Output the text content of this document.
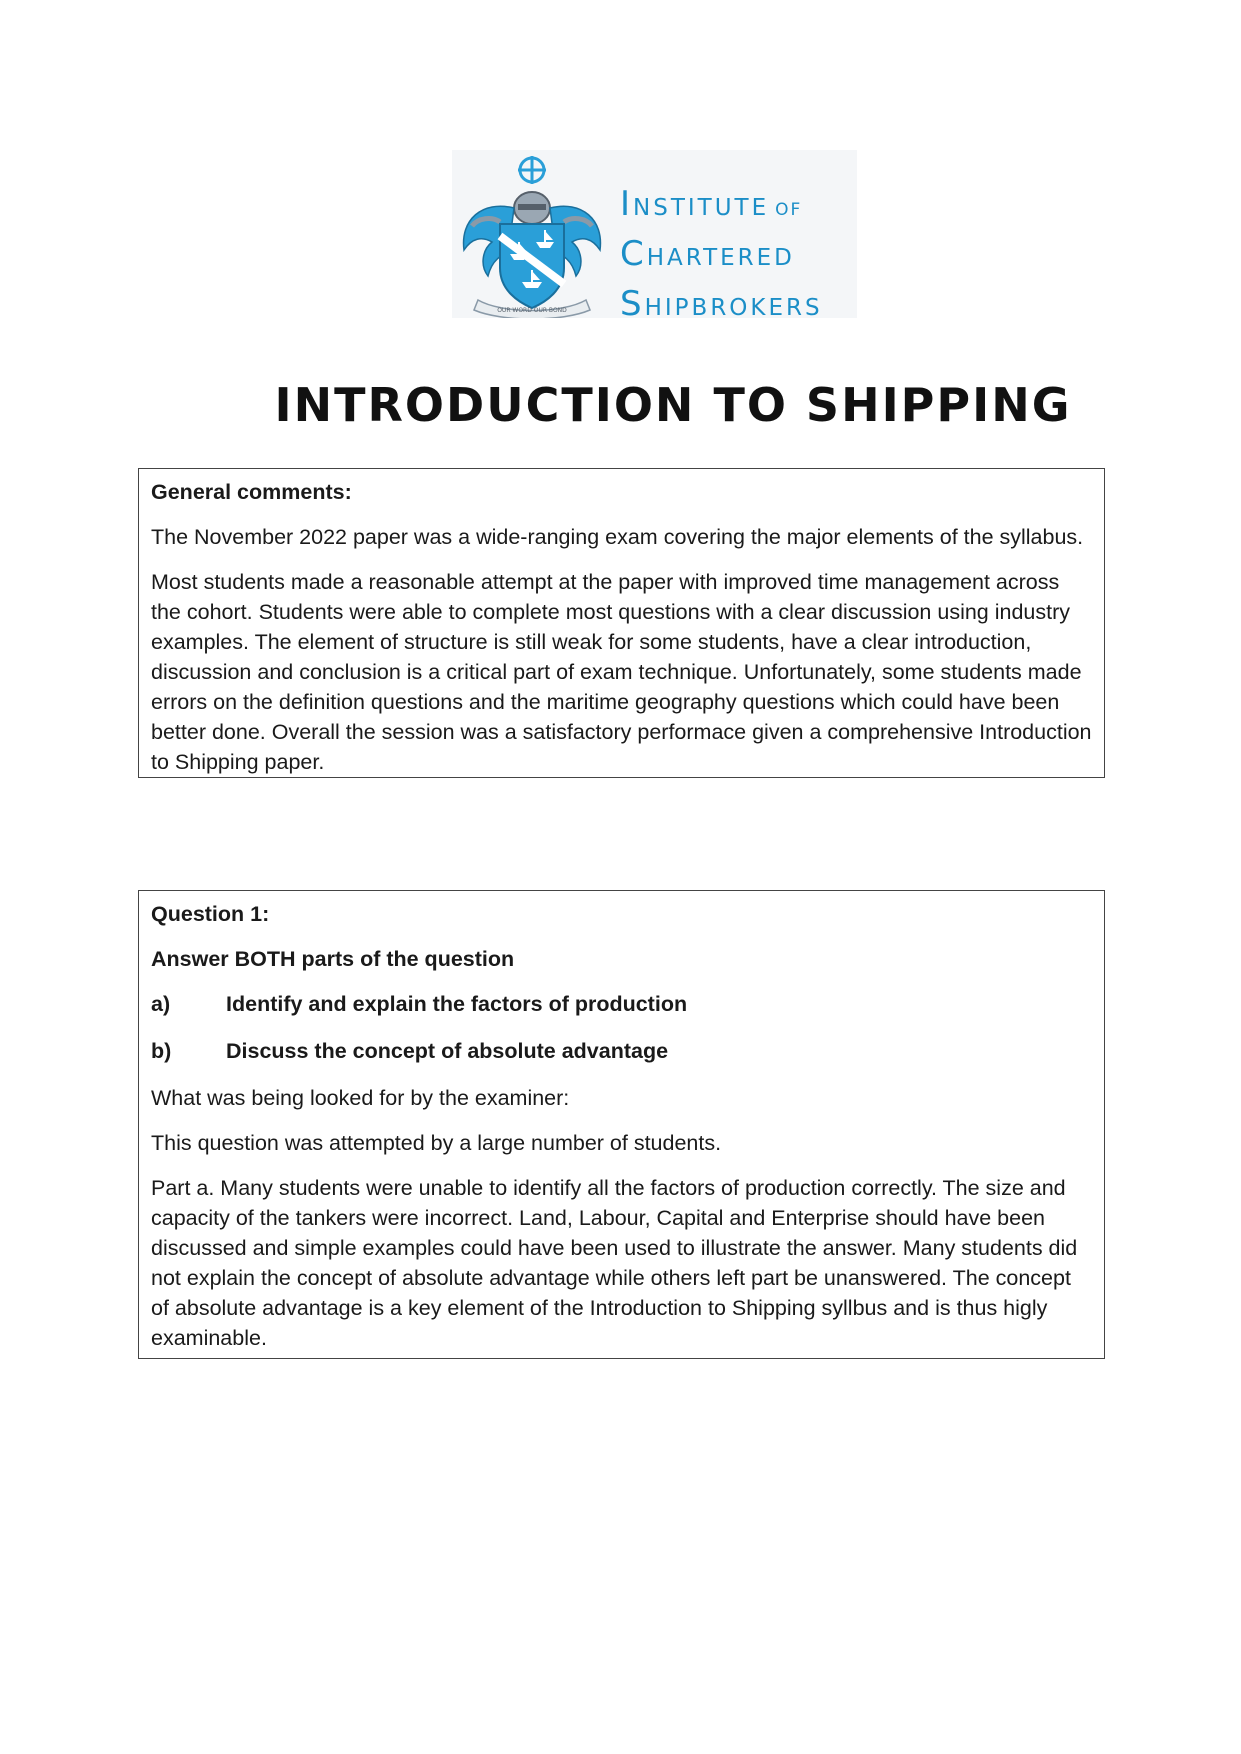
OUR WORD OUR BOND
INSTITUTE OF
CHARTERED
SHIPBROKERS
INTRODUCTION TO SHIPPING
General comments:

The November 2022 paper was a wide-ranging exam covering the major elements of the syllabus.

Most students made a reasonable attempt at the paper with improved time management across the cohort. Students were able to complete most questions with a clear discussion using industry examples. The element of structure is still weak for some students, have a clear introduction, discussion and conclusion is a critical part of exam technique. Unfortunately, some students made errors on the definition questions and the maritime geography questions which could have been better done. Overall the session was a satisfactory performace given a comprehensive Introduction to Shipping paper.

Question 1:

Answer BOTH parts of the question

a)	Identify and explain the factors of production
b)	Discuss the concept of absolute advantage

What was being looked for by the examiner:

This question was attempted by a large number of students.

Part a. Many students were unable to identify all the factors of production correctly. The size and capacity of the tankers were incorrect. Land, Labour, Capital and Enterprise should have been discussed and simple examples could have been used to illustrate the answer. Many students did not explain the concept of absolute advantage while others left part be unanswered. The concept of absolute advantage is a key element of the Introduction to Shipping syllbus and is thus higly examinable.
